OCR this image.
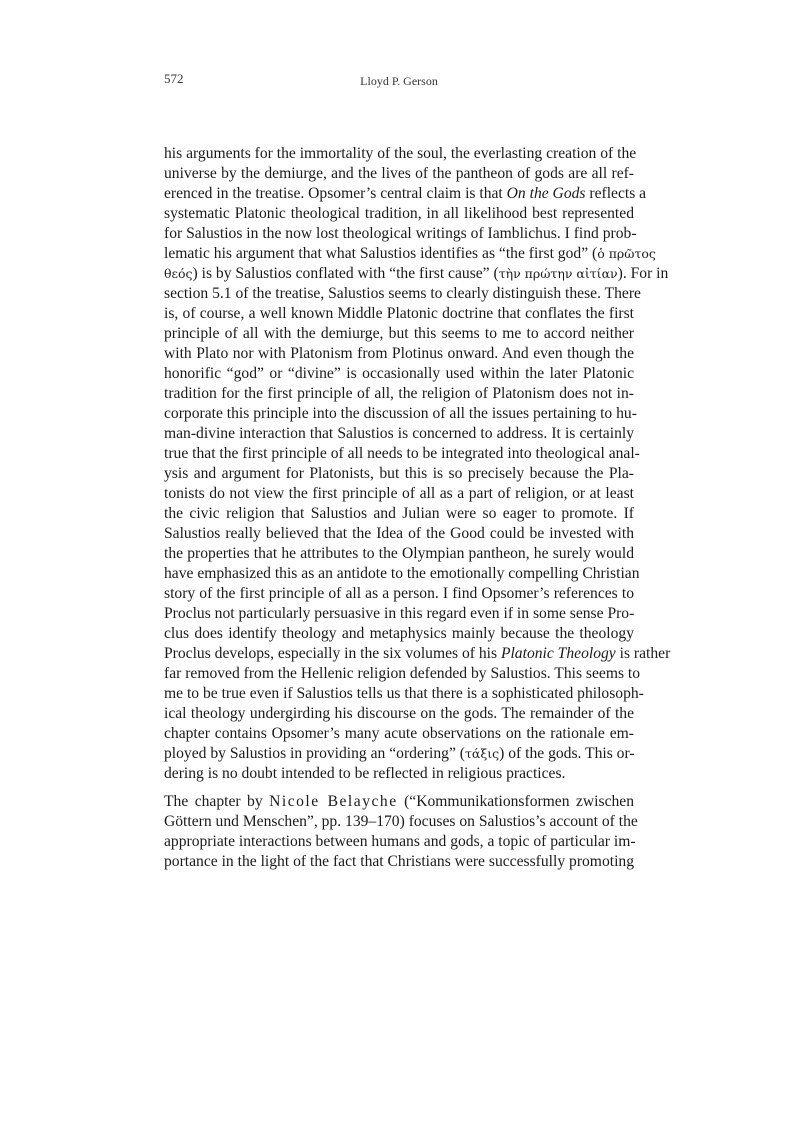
572	Lloyd P. Gerson

his arguments for the immortality of the soul, the everlasting creation of the
universe by the demiurge, and the lives of the pantheon of gods are all ref-
erenced in the treatise. Opsomer’s central claim is that On the Gods reflects a
systematic Platonic theological tradition, in all likelihood best represented
for Salustios in the now lost theological writings of Iamblichus. I find prob-
lematic his argument that what Salustios identifies as “the first god” (ὁ πρῶτος
θεός) is by Salustios conflated with “the first cause” (τὴν πρώτην αἰτίαν). For in
section 5.1 of the treatise, Salustios seems to clearly distinguish these. There
is, of course, a well known Middle Platonic doctrine that conflates the first
principle of all with the demiurge, but this seems to me to accord neither
with Plato nor with Platonism from Plotinus onward. And even though the
honorific “god” or “divine” is occasionally used within the later Platonic
tradition for the first principle of all, the religion of Platonism does not in-
corporate this principle into the discussion of all the issues pertaining to hu-
man-divine interaction that Salustios is concerned to address. It is certainly
true that the first principle of all needs to be integrated into theological anal-
ysis and argument for Platonists, but this is so precisely because the Pla-
tonists do not view the first principle of all as a part of religion, or at least
the civic religion that Salustios and Julian were so eager to promote. If
Salustios really believed that the Idea of the Good could be invested with
the properties that he attributes to the Olympian pantheon, he surely would
have emphasized this as an antidote to the emotionally compelling Christian
story of the first principle of all as a person. I find Opsomer’s references to
Proclus not particularly persuasive in this regard even if in some sense Pro-
clus does identify theology and metaphysics mainly because the theology
Proclus develops, especially in the six volumes of his Platonic Theology is rather
far removed from the Hellenic religion defended by Salustios. This seems to
me to be true even if Salustios tells us that there is a sophisticated philosoph-
ical theology undergirding his discourse on the gods. The remainder of the
chapter contains Opsomer’s many acute observations on the rationale em-
ployed by Salustios in providing an “ordering” (τάξις) of the gods. This or-
dering is no doubt intended to be reflected in religious practices.

The chapter by Nicole Belayche (“Kommunikationsformen zwischen
Göttern und Menschen”, pp. 139–170) focuses on Salustios’s account of the
appropriate interactions between humans and gods, a topic of particular im-
portance in the light of the fact that Christians were successfully promoting
